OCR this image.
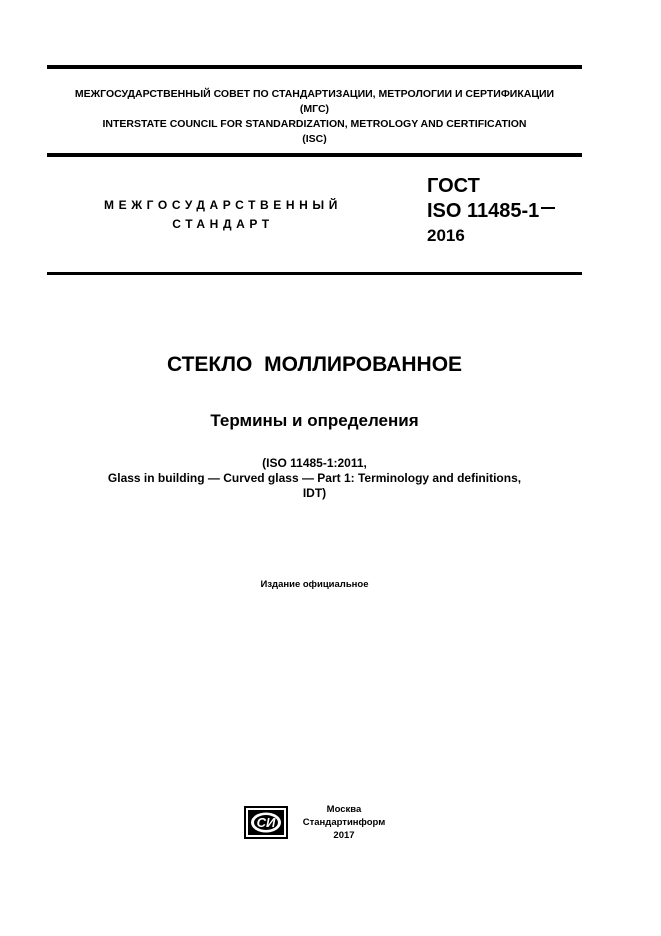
МЕЖГОСУДАРСТВЕННЫЙ СОВЕТ ПО СТАНДАРТИЗАЦИИ, МЕТРОЛОГИИ И СЕРТИФИКАЦИИ
(МГС)
INTERSTATE COUNCIL FOR STANDARDIZATION, METROLOGY AND CERTIFICATION
(ISC)
МЕЖГОСУДАРСТВЕННЫЙ
СТАНДАРТ
ГОСТ
ISO 11485-1
2016
СТЕКЛО МОЛЛИРОВАННОЕ
Термины и определения
(ISO 11485-1:2011,
Glass in building — Curved glass — Part 1: Terminology and definitions,
IDT)
Издание официальное
СИ
Москва
Стандартинформ
2017
